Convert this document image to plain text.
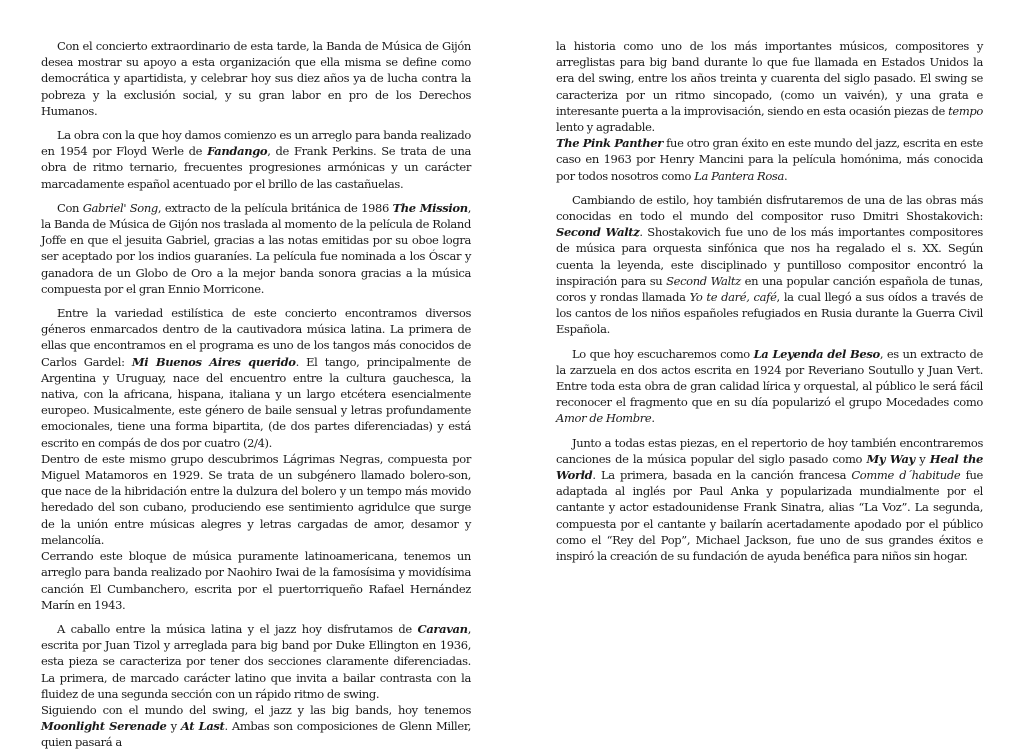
Con el concierto extraordinario de esta tarde, la Banda de Música de Gijón desea mostrar su apoyo a esta organización que ella misma se define como democrática y apartidista, y celebrar hoy sus diez años ya de lucha contra la pobreza y la exclusión social, y su gran labor en pro de los Derechos Humanos.

La obra con la que hoy damos comienzo es un arreglo para banda realizado en 1954 por Floyd Werle de Fandango, de Frank Perkins. Se trata de una obra de ritmo ternario, frecuentes progresiones armónicas y un carácter marcadamente español acentuado por el brillo de las castañuelas.

Con Gabriel' Song, extracto de la película británica de 1986 The Mission, la Banda de Música de Gijón nos traslada al momento de la película de Roland Joffe en que el jesuita Gabriel, gracias a las notas emitidas por su oboe logra ser aceptado por los indios guaraníes. La película fue nominada a los Óscar y ganadora de un Globo de Oro a la mejor banda sonora gracias a la música compuesta por el gran Ennio Morricone.

Entre la variedad estilística de este concierto encontramos diversos géneros enmarcados dentro de la cautivadora música latina. La primera de ellas que encontramos en el programa es uno de los tangos más conocidos de Carlos Gardel: Mi Buenos Aires querido. El tango, principalmente de Argentina y Uruguay, nace del encuentro entre la cultura gauchesca, la nativa, con la africana, hispana, italiana y un largo etcétera esencialmente europeo. Musicalmente, este género de baile sensual y letras profundamente emocionales, tiene una forma bipartita, (de dos partes diferenciadas) y está escrito en compás de dos por cuatro (2/4).

Dentro de este mismo grupo descubrimos Lágrimas Negras, compuesta por Miguel Matamoros en 1929. Se trata de un subgénero llamado bolero-son, que nace de la hibridación entre la dulzura del bolero y un tempo más movido heredado del son cubano, produciendo ese sentimiento agridulce que surge de la unión entre músicas alegres y letras cargadas de amor, desamor y melancolía.

Cerrando este bloque de música puramente latinoamericana, tenemos un arreglo para banda realizado por Naohiro Iwai de la famosísima y movidísima canción El Cumbanchero, escrita por el puertorriqueño Rafael Hernández Marín en 1943.

A caballo entre la música latina y el jazz hoy disfrutamos de Caravan, escrita por Juan Tizol y arreglada para big band por Duke Ellington en 1936, esta pieza se caracteriza por tener dos secciones claramente diferenciadas. La primera, de marcado carácter latino que invita a bailar contrasta con la fluidez de una segunda sección con un rápido ritmo de swing.

Siguiendo con el mundo del swing, el jazz y las big bands, hoy tenemos Moonlight Serenade y At Last. Ambas son composiciones de Glenn Miller, quien pasará a

la historia como uno de los más importantes músicos, compositores y arreglistas para big band durante lo que fue llamada en Estados Unidos la era del swing, entre los años treinta y cuarenta del siglo pasado. El swing se caracteriza por un ritmo sincopado, (como un vaivén), y una grata e interesante puerta a la improvisación, siendo en esta ocasión piezas de tempo lento y agradable.

The Pink Panther fue otro gran éxito en este mundo del jazz, escrita en este caso en 1963 por Henry Mancini para la película homónima, más conocida por todos nosotros como La Pantera Rosa.

Cambiando de estilo, hoy también disfrutaremos de una de las obras más conocidas en todo el mundo del compositor ruso Dmitri Shostakovich: Second Waltz. Shostakovich fue uno de los más importantes compositores de música para orquesta sinfónica que nos ha regalado el s. XX. Según cuenta la leyenda, este disciplinado y puntilloso compositor encontró la inspiración para su Second Waltz en una popular canción española de tunas, coros y rondas llamada Yo te daré, café, la cual llegó a sus oídos a través de los cantos de los niños españoles refugiados en Rusia durante la Guerra Civil Española.

Lo que hoy escucharemos como La Leyenda del Beso, es un extracto de la zarzuela en dos actos escrita en 1924 por Reveriano Soutullo y Juan Vert. Entre toda esta obra de gran calidad lírica y orquestal, al público le será fácil reconocer el fragmento que en su día popularizó el grupo Mocedades como Amor de Hombre.

Junto a todas estas piezas, en el repertorio de hoy también encontraremos canciones de la música popular del siglo pasado como My Way y Heal the World. La primera, basada en la canción francesa Comme d´habitude fue adaptada al inglés por Paul Anka y popularizada mundialmente por el cantante y actor estadounidense Frank Sinatra, alias “La Voz”. La segunda, compuesta por el cantante y bailarín acertadamente apodado por el público como el “Rey del Pop”, Michael Jackson, fue uno de sus grandes éxitos e inspiró la creación de su fundación de ayuda benéfica para niños sin hogar.
